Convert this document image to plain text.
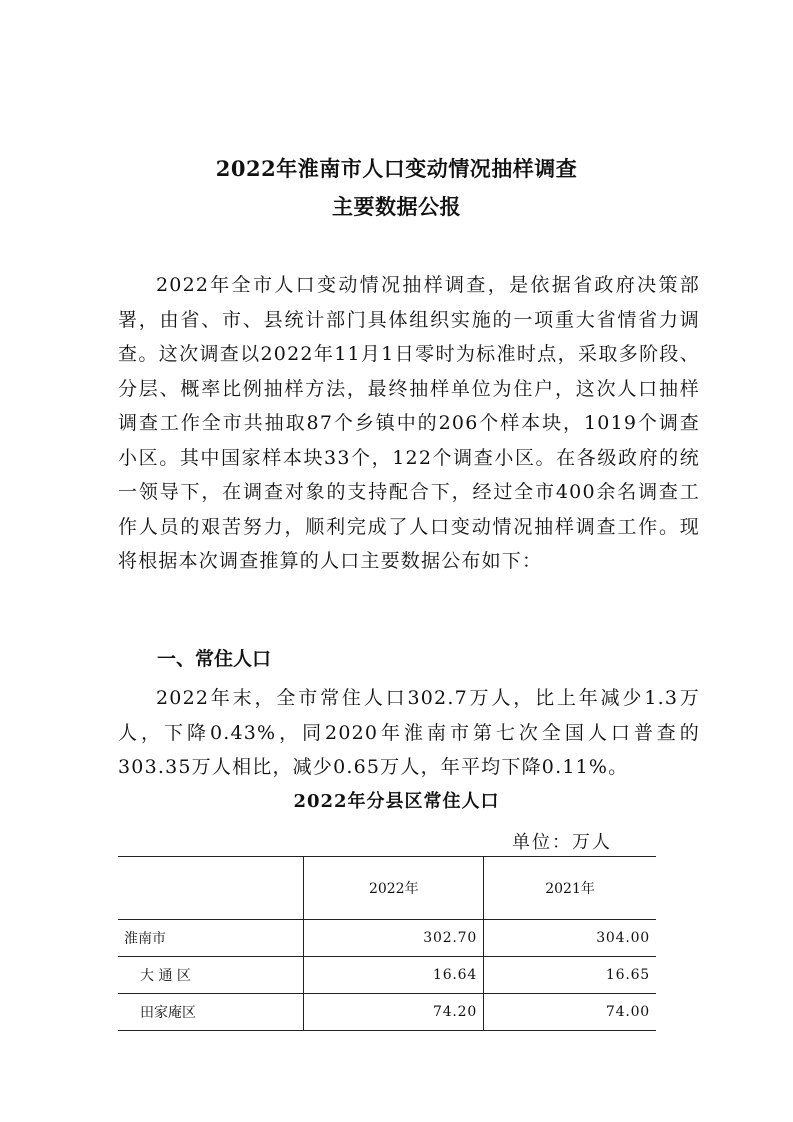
2022年淮南市人口变动情况抽样调查
主要数据公报

2022年全市人口变动情况抽样调查，是依据省政府决策部署，由省、市、县统计部门具体组织实施的一项重大省情省力调查。这次调查以2022年11月1日零时为标准时点，采取多阶段、分层、概率比例抽样方法，最终抽样单位为住户，这次人口抽样调查工作全市共抽取87个乡镇中的206个样本块，1019个调查小区。其中国家样本块33个，122个调查小区。在各级政府的统一领导下，在调查对象的支持配合下，经过全市400余名调查工作人员的艰苦努力，顺利完成了人口变动情况抽样调查工作。现将根据本次调查推算的人口主要数据公布如下：

一、常住人口

2022年末，全市常住人口302.7万人，比上年减少1.3万人，下降0.43%，同2020年淮南市第七次全国人口普查的303.35万人相比，减少0.65万人，年平均下降0.11%。

2022年分县区常住人口
单位：万人
	2022年	2021年
淮南市	302.70	304.00
大 通 区	16.64	16.65
田家庵区	74.20	74.00
